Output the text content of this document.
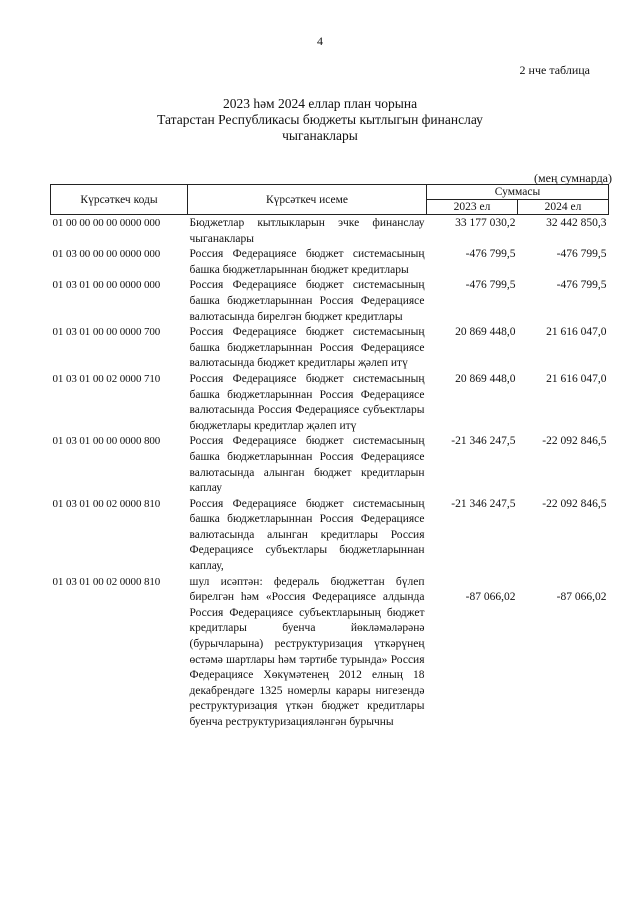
4
2 нче таблица
2023 һәм 2024 еллар план чорына
Татарстан Республикасы бюджеты кытлыгын финанслау
чыганаклары
(мең сумнарда)
Күрсәткеч коды	Күрсәткеч исеме	Суммасы	
		2023 ел	2024 ел
01 00 00 00 00 0000 000	Бюджетлар кытлыкларын эчке финанслау чыганаклары	33 177 030,2	32 442 850,3
01 03 00 00 00 0000 000	Россия Федерациясе бюджет системасының башка бюджетларыннан бюджет кредитлары	-476 799,5	-476 799,5
01 03 01 00 00 0000 000	Россия Федерациясе бюджет системасының башка бюджетларыннан Россия Федерациясе валютасында бирелгән бюджет кредитлары	-476 799,5	-476 799,5
01 03 01 00 00 0000 700	Россия Федерациясе бюджет системасының башка бюджетларыннан Россия Федерациясе валютасында бюджет кредитлары җәлеп итү	20 869 448,0	21 616 047,0
01 03 01 00 02 0000 710	Россия Федерациясе бюджет системасының башка бюджетларыннан Россия Федерациясе валютасында Россия Федерациясе субъектлары бюджетлары кредитлар җәлеп итү	20 869 448,0	21 616 047,0
01 03 01 00 00 0000 800	Россия Федерациясе бюджет системасының башка бюджетларыннан Россия Федерациясе валютасында алынган бюджет кредитларын каплау	-21 346 247,5	-22 092 846,5
01 03 01 00 02 0000 810	Россия Федерациясе бюджет системасының башка бюджетларыннан Россия Федерациясе валютасында алынган кредитлары Россия Федерациясе субъектлары бюджетларыннан каплау,	-21 346 247,5	-22 092 846,5
01 03 01 00 02 0000 810	шул исәптән: федераль бюджеттан бүлеп бирелгән һәм «Россия Федерациясе алдында Россия Федерациясе субъектларының бюджет кредитлары буенча йөкләмәләрәнә (бурычларына) реструктуризация үткәрүнең өстәмә шартлары һәм тәртибе турында» Россия Федерациясе Хөкүмәтенең 2012 елның 18 декабрендәге 1325 номерлы карары нигезендә реструктуризация үткән бюджет кредитлары буенча реструктуризацияләнгән бурычны	-87 066,02	-87 066,02
